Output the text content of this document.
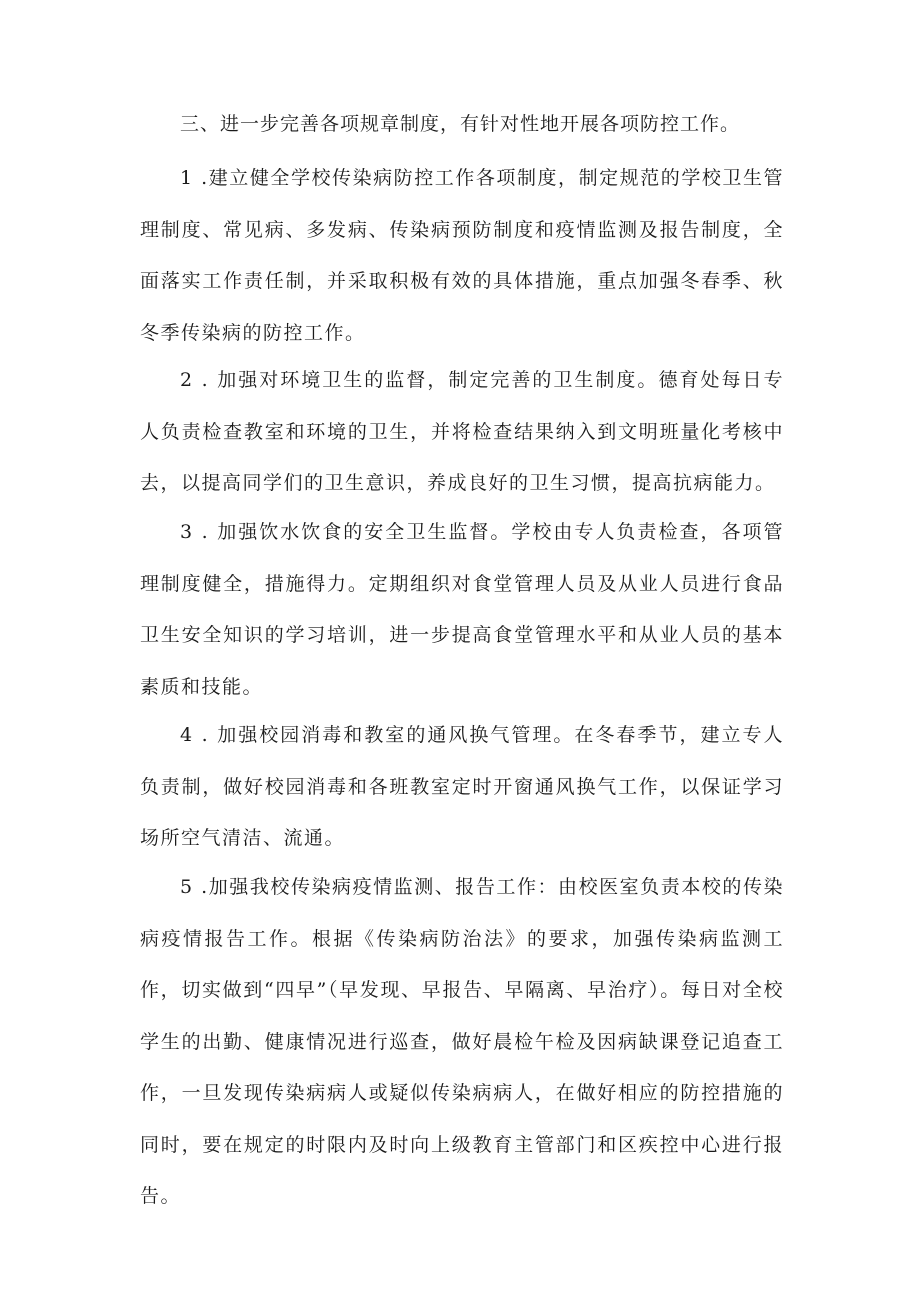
三、进一步完善各项规章制度，有针对性地开展各项防控工作。

1 .建立健全学校传染病防控工作各项制度，制定规范的学校卫生管理制度、常见病、多发病、传染病预防制度和疫情监测及报告制度，全面落实工作责任制，并采取积极有效的具体措施，重点加强冬春季、秋冬季传染病的防控工作。

2 . 加强对环境卫生的监督，制定完善的卫生制度。德育处每日专人负责检查教室和环境的卫生，并将检查结果纳入到文明班量化考核中去，以提高同学们的卫生意识，养成良好的卫生习惯，提高抗病能力。

3 . 加强饮水饮食的安全卫生监督。学校由专人负责检查，各项管理制度健全，措施得力。定期组织对食堂管理人员及从业人员进行食品卫生安全知识的学习培训，进一步提高食堂管理水平和从业人员的基本素质和技能。

4 . 加强校园消毒和教室的通风换气管理。在冬春季节，建立专人负责制，做好校园消毒和各班教室定时开窗通风换气工作，以保证学习场所空气清洁、流通。

5 .加强我校传染病疫情监测、报告工作：由校医室负责本校的传染病疫情报告工作。根据《传染病防治法》的要求，加强传染病监测工作，切实做到“四早”（早发现、早报告、早隔离、早治疗）。每日对全校学生的出勤、健康情况进行巡查，做好晨检午检及因病缺课登记追查工作，一旦发现传染病病人或疑似传染病病人，在做好相应的防控措施的同时，要在规定的时限内及时向上级教育主管部门和区疾控中心进行报告。
